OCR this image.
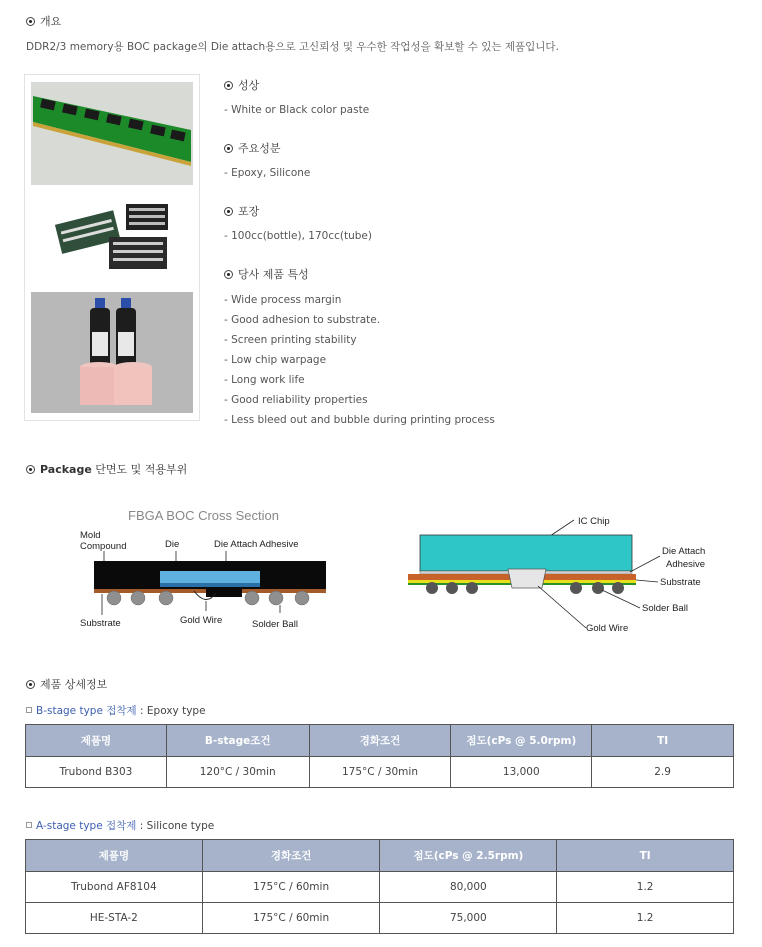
개요
DDR2/3 memory용 BOC package의 Die attach용으로 고신뢰성 및 우수한 작업성을 확보할 수 있는 제품입니다.
성상
- White or Black color paste
주요성분
- Epoxy, Silicone
포장
- 100cc(bottle), 170cc(tube)
당사 제품 특성
- Wide process margin
- Good adhesion to substrate.
- Screen printing stability
- Low chip warpage
- Long work life
- Good reliability properties
- Less bleed out and bubble during printing process
Package 단면도 및 적용부위
FBGA BOC Cross Section
Mold
Compound	Die	Die Attach Adhesive
Substrate	Gold Wire	Solder Ball
IC Chip
Die Attach
Adhesive
Substrate
Solder Ball
Gold Wire
제품 상세정보
B-stage type 접착제 : Epoxy type
제품명	B-stage조건	경화조건	점도(cPs @ 5.0rpm)	TI
Trubond B303	120°C / 30min	175°C / 30min	13,000	2.9
A-stage type 접착제 : Silicone type
제품명	경화조건	점도(cPs @ 2.5rpm)	TI
Trubond AF8104	175°C / 60min	80,000	1.2
HE-STA-2	175°C / 60min	75,000	1.2
